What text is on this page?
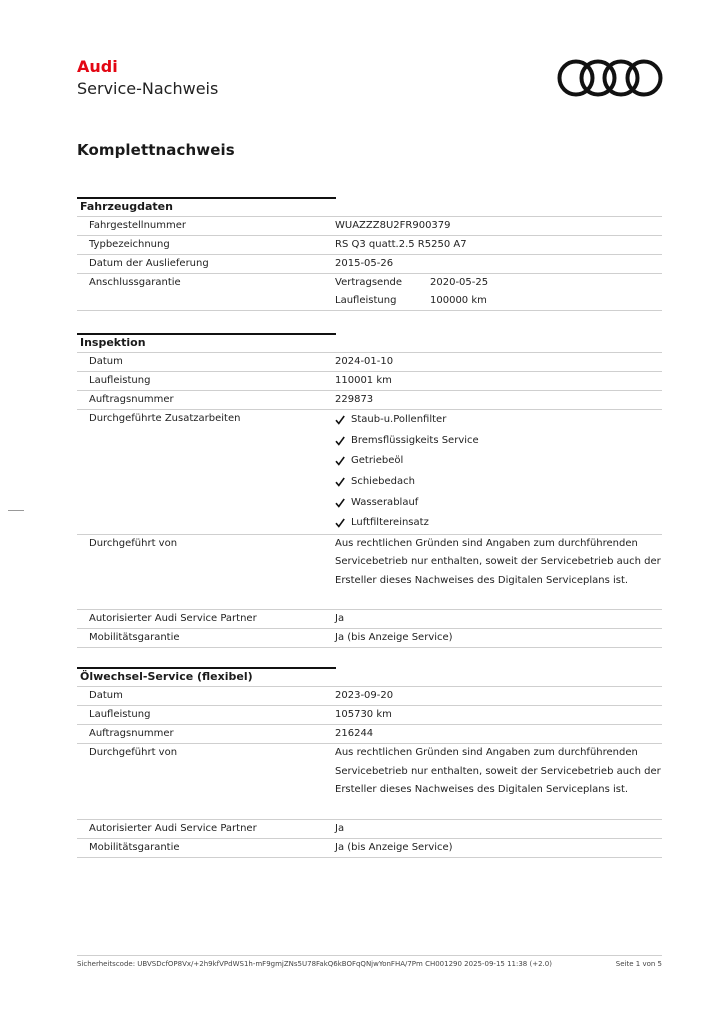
Audi
Service-Nachweis
Komplettnachweis
Fahrzeugdaten
Fahrgestellnummer	WUAZZZ8U2FR900379
Typbezeichnung	RS Q3 quatt.2.5 R5250 A7
Datum der Auslieferung	2015-05-26
Anschlussgarantie	Vertragsende	2020-05-25
Laufleistung	100000 km
Inspektion
Datum	2024-01-10
Laufleistung	110001 km
Auftragsnummer	229873
Durchgeführte Zusatzarbeiten	Staub-u.Pollenfilter
Bremsflüssigkeits Service
Getriebeöl
Schiebedach
Wasserablauf
Luftfiltereinsatz
Durchgeführt von	Aus rechtlichen Gründen sind Angaben zum durchführenden Servicebetrieb nur enthalten, soweit der Servicebetrieb auch der Ersteller dieses Nachweises des Digitalen Serviceplans ist.
Autorisierter Audi Service Partner	Ja
Mobilitätsgarantie	Ja (bis Anzeige Service)
Ölwechsel-Service (flexibel)
Datum	2023-09-20
Laufleistung	105730 km
Auftragsnummer	216244
Durchgeführt von	Aus rechtlichen Gründen sind Angaben zum durchführenden Servicebetrieb nur enthalten, soweit der Servicebetrieb auch der Ersteller dieses Nachweises des Digitalen Serviceplans ist.
Autorisierter Audi Service Partner	Ja
Mobilitätsgarantie	Ja (bis Anzeige Service)
Sicherheitscode: UBVSDcfOP8Vx/+2h9kfVPdWS1h-mF9gmjZNs5U78FakQ6kBOFqQNjwYonFHA/7Pm CH001290 2025-09-15 11:38 (+2.0)	Seite 1 von 5
